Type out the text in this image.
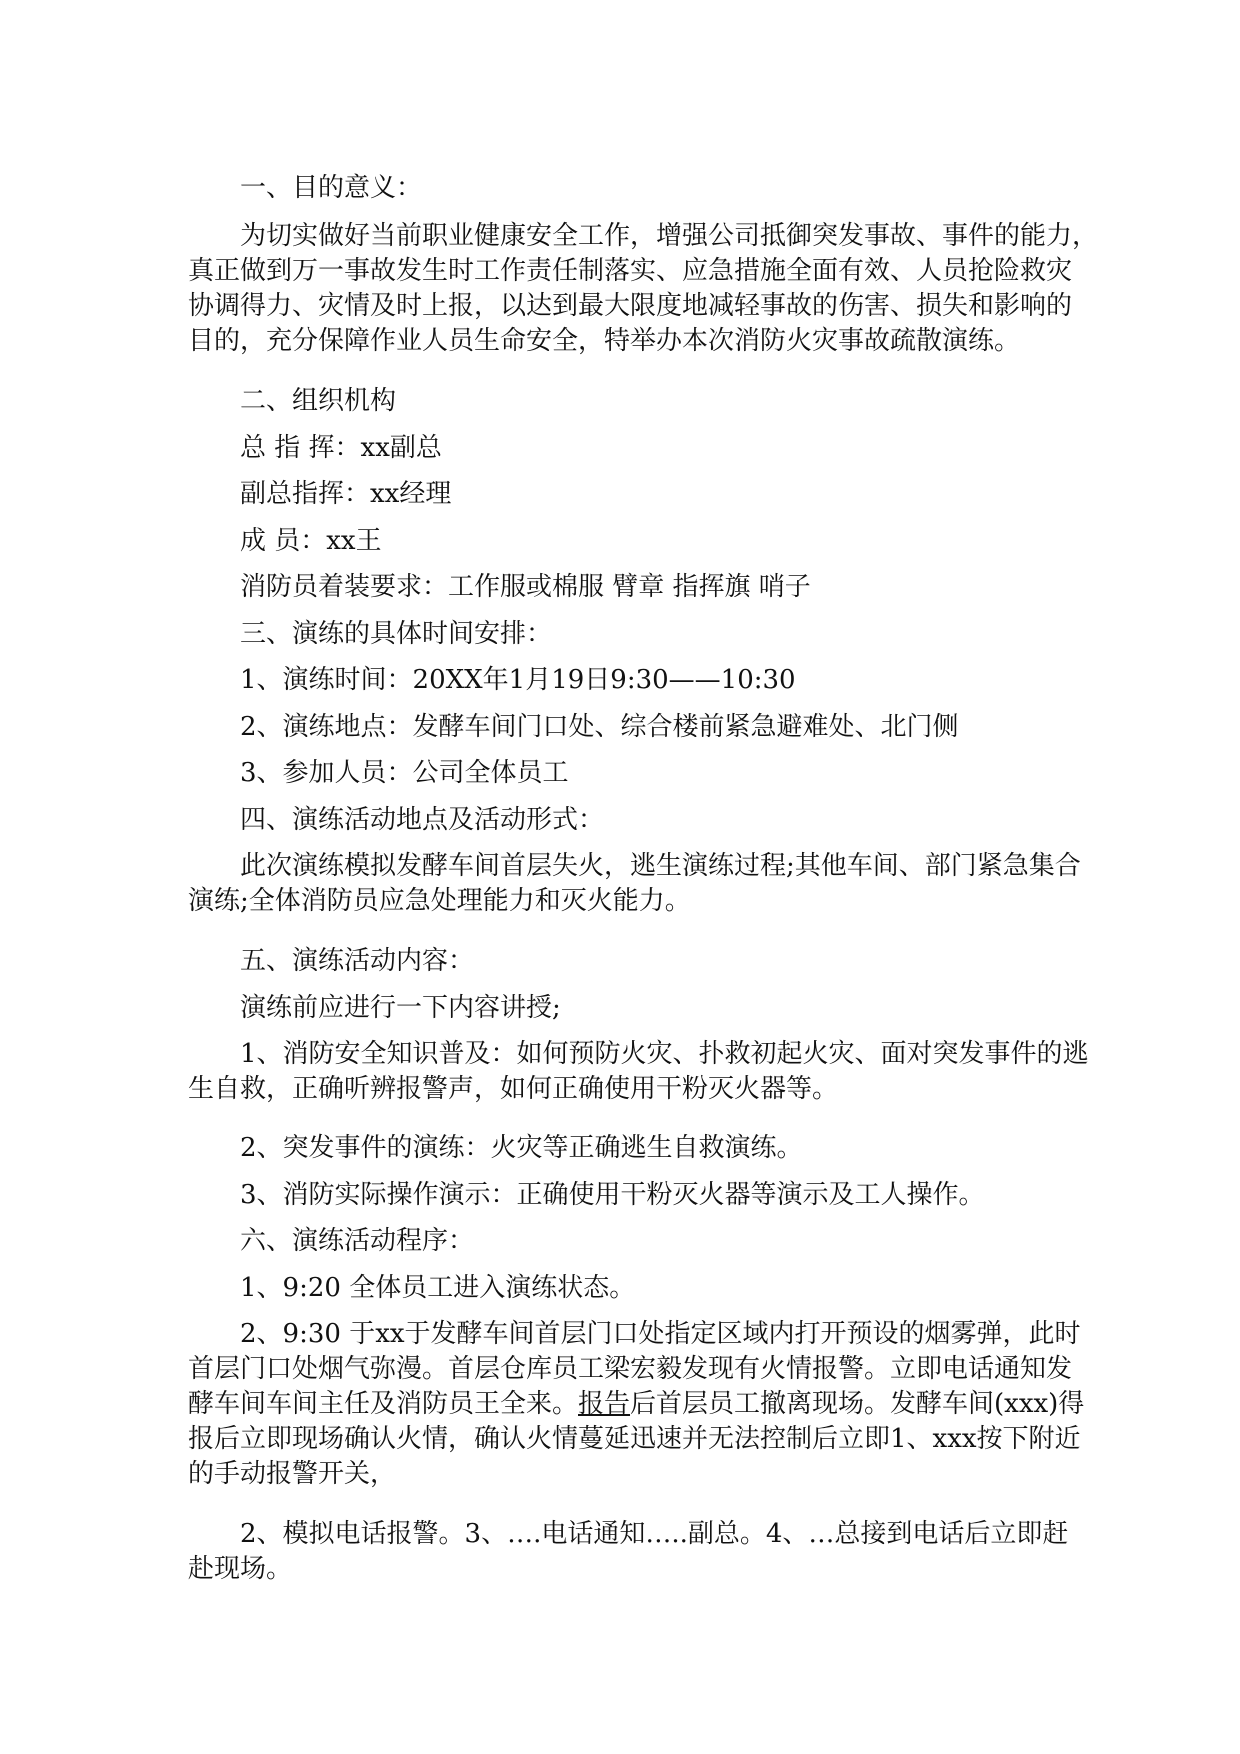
一、目的意义：
为切实做好当前职业健康安全工作，增强公司抵御突发事故、事件的能力，
真正做到万一事故发生时工作责任制落实、应急措施全面有效、人员抢险救灾
协调得力、灾情及时上报，以达到最大限度地减轻事故的伤害、损失和影响的
目的，充分保障作业人员生命安全，特举办本次消防火灾事故疏散演练。
二、组织机构
总 指 挥：xx副总
副总指挥：xx经理
成 员：xx王
消防员着装要求：工作服或棉服 臂章 指挥旗 哨子
三、演练的具体时间安排：
1、演练时间：20XX年1月19日9:30——10:30
2、演练地点：发酵车间门口处、综合楼前紧急避难处、北门侧
3、参加人员：公司全体员工
四、演练活动地点及活动形式：
此次演练模拟发酵车间首层失火，逃生演练过程;其他车间、部门紧急集合
演练;全体消防员应急处理能力和灭火能力。
五、演练活动内容：
演练前应进行一下内容讲授;
1、消防安全知识普及：如何预防火灾、扑救初起火灾、面对突发事件的逃
生自救，正确听辨报警声，如何正确使用干粉灭火器等。
2、突发事件的演练：火灾等正确逃生自救演练。
3、消防实际操作演示：正确使用干粉灭火器等演示及工人操作。
六、演练活动程序：
1、9:20 全体员工进入演练状态。
2、9:30 于xx于发酵车间首层门口处指定区域内打开预设的烟雾弹，此时
首层门口处烟气弥漫。首层仓库员工梁宏毅发现有火情报警。立即电话通知发
酵车间车间主任及消防员王全来。报告后首层员工撤离现场。发酵车间(xxx)得
报后立即现场确认火情，确认火情蔓延迅速并无法控制后立即1、xxx按下附近
的手动报警开关，
2、模拟电话报警。3、….电话通知…..副总。4、…总接到电话后立即赶
赴现场。
